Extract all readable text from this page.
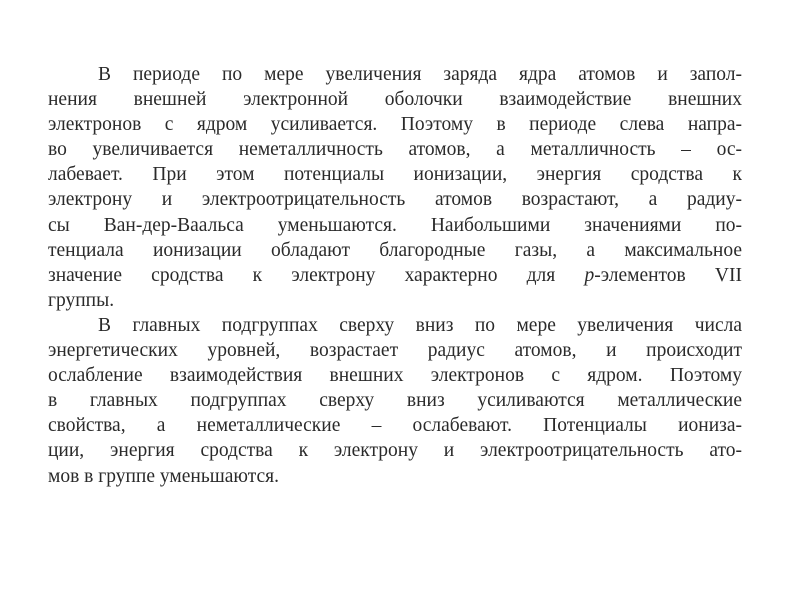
В периоде по мере увеличения заряда ядра атомов и запол-
нения внешней электронной оболочки взаимодействие внешних
электронов с ядром усиливается. Поэтому в периоде слева напра-
во увеличивается неметалличность атомов, а металличность – ос-
лабевает. При этом потенциалы ионизации, энергия сродства к
электрону и электроотрицательность атомов возрастают, а радиу-
сы Ван-дер-Ваальса уменьшаются. Наибольшими значениями по-
тенциала ионизации обладают благородные газы, а максимальное
значение сродства к электрону характерно для p-элементов VII
группы.

В главных подгруппах сверху вниз по мере увеличения числа
энергетических уровней, возрастает радиус атомов, и происходит
ослабление взаимодействия внешних электронов с ядром. Поэтому
в главных подгруппах сверху вниз усиливаются металлические
свойства, а неметаллические – ослабевают. Потенциалы иониза-
ции, энергия сродства к электрону и электроотрицательность ато-
мов в группе уменьшаются.
